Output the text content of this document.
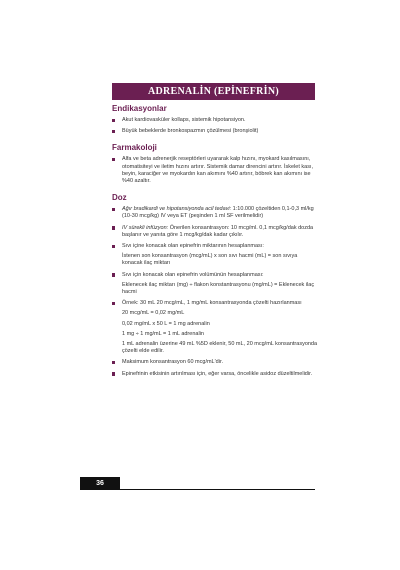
ADRENALİN (EPİNEFRİN)
Endikasyonlar
Akut kardiovasküler kollaps, sistemik hipotansiyon.
Büyük bebeklerde bronkospazmın çözülmesi (bronşiolit)
Farmakoloji
Alfa ve beta adrenerjik reseptörleri uyararak kalp hızını, myokard kasılmasını, otomatisiteyi ve iletim hızını artırır. Sistemik damar direncini artırır. İskelet kası, beyin, karaciğer ve myokardın kan akımını %40 artırır, böbrek kan akımını ise %40 azaltır.
Doz
Ağır bradikardi ve hipotansiyonda acil tedavi: 1:10.000 çözeltiden 0,1-0,3 ml/kg (10-30 mcg/kg) IV veya ET (peşinden 1 ml SF verilmelidir)
IV sürekli infüzyon: Önerilen konsantrasyon: 10 mcg/ml. 0,1 mcg/kg/dak dozda başlanır ve yanıta göre 1 mcg/kg/dak kadar çıkılır.
Sıvı içine konacak olan epinefrin miktarının hesaplanması:
İstenen son konsantrasyon (mcg/mL) x son sıvı hacmi (mL) = son sıvıya konacak ilaç miktarı
Sıvı için konacak olan epinefrin volümünün hesaplanması:
Eklenecek ilaç miktarı (mg) ÷ flakon konstantrasyonu (mg/mL) = Eklenecek ilaç hacmi
Örnek: 30 mL 20 mcg/mL, 1 mg/mL konsantrasyonda çözelti hazırlanması
20 mcg/mL = 0,02 mg/mL
0,02 mg/mL x 50 L = 1 mg adrenalin
1 mg ÷ 1 mg/mL = 1 mL adrenalin
1 mL adrenalin üzerine 49 mL %5D eklenir, 50 mL, 20 mcg/mL konsantrasyonda çözelti elde edilir.
Maksimum konsantrasyon 60 mcg/mL'dir.
Epinefrinin etkisinin artırılması için, eğer varsa, öncelikle asidoz düzeltilmelidir.
36
